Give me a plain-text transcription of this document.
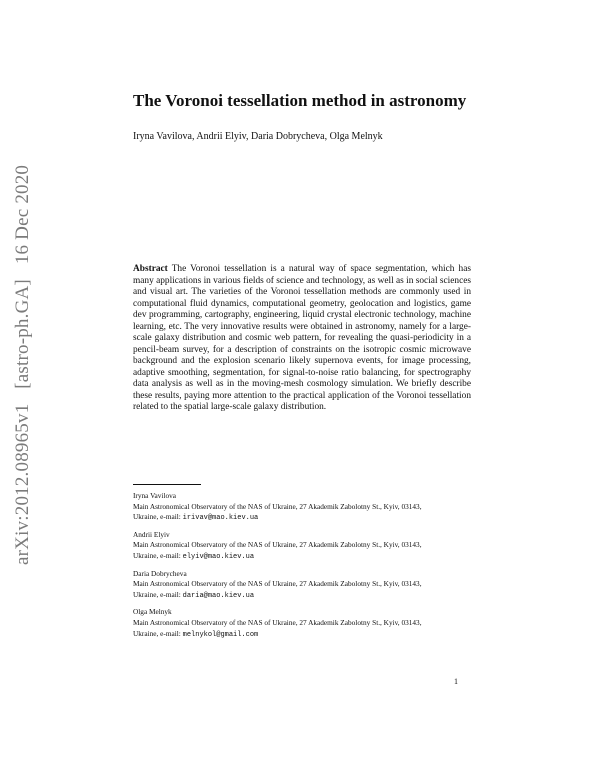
arXiv:2012.08965v1   [astro-ph.GA]   16 Dec 2020
The Voronoi tessellation method in astronomy
Iryna Vavilova, Andrii Elyiv, Daria Dobrycheva, Olga Melnyk
Abstract The Voronoi tessellation is a natural way of space segmentation, which has many applications in various fields of science and technology, as well as in social sciences and visual art. The varieties of the Voronoi tessellation methods are commonly used in computational fluid dynamics, computational geometry, geolocation and logistics, game dev programming, cartography, engineering, liquid crystal electronic technology, machine learning, etc. The very innovative results were obtained in astronomy, namely for a large-scale galaxy distribution and cosmic web pattern, for revealing the quasi-periodicity in a pencil-beam survey, for a description of constraints on the isotropic cosmic microwave background and the explosion scenario likely supernova events, for image processing, adaptive smoothing, segmentation, for signal-to-noise ratio balancing, for spectrography data analysis as well as in the moving-mesh cosmology simulation. We briefly describe these results, paying more attention to the practical application of the Voronoi tessellation related to the spatial large-scale galaxy distribution.
Iryna Vavilova
Main Astronomical Observatory of the NAS of Ukraine, 27 Akademik Zabolotny St., Kyiv, 03143,
Ukraine, e-mail: irivav@mao.kiev.ua
Andrii Elyiv
Main Astronomical Observatory of the NAS of Ukraine, 27 Akademik Zabolotny St., Kyiv, 03143,
Ukraine, e-mail: elyiv@mao.kiev.ua
Daria Dobrycheva
Main Astronomical Observatory of the NAS of Ukraine, 27 Akademik Zabolotny St., Kyiv, 03143,
Ukraine, e-mail: daria@mao.kiev.ua
Olga Melnyk
Main Astronomical Observatory of the NAS of Ukraine, 27 Akademik Zabolotny St., Kyiv, 03143,
Ukraine, e-mail: melnykol@gmail.com
1
